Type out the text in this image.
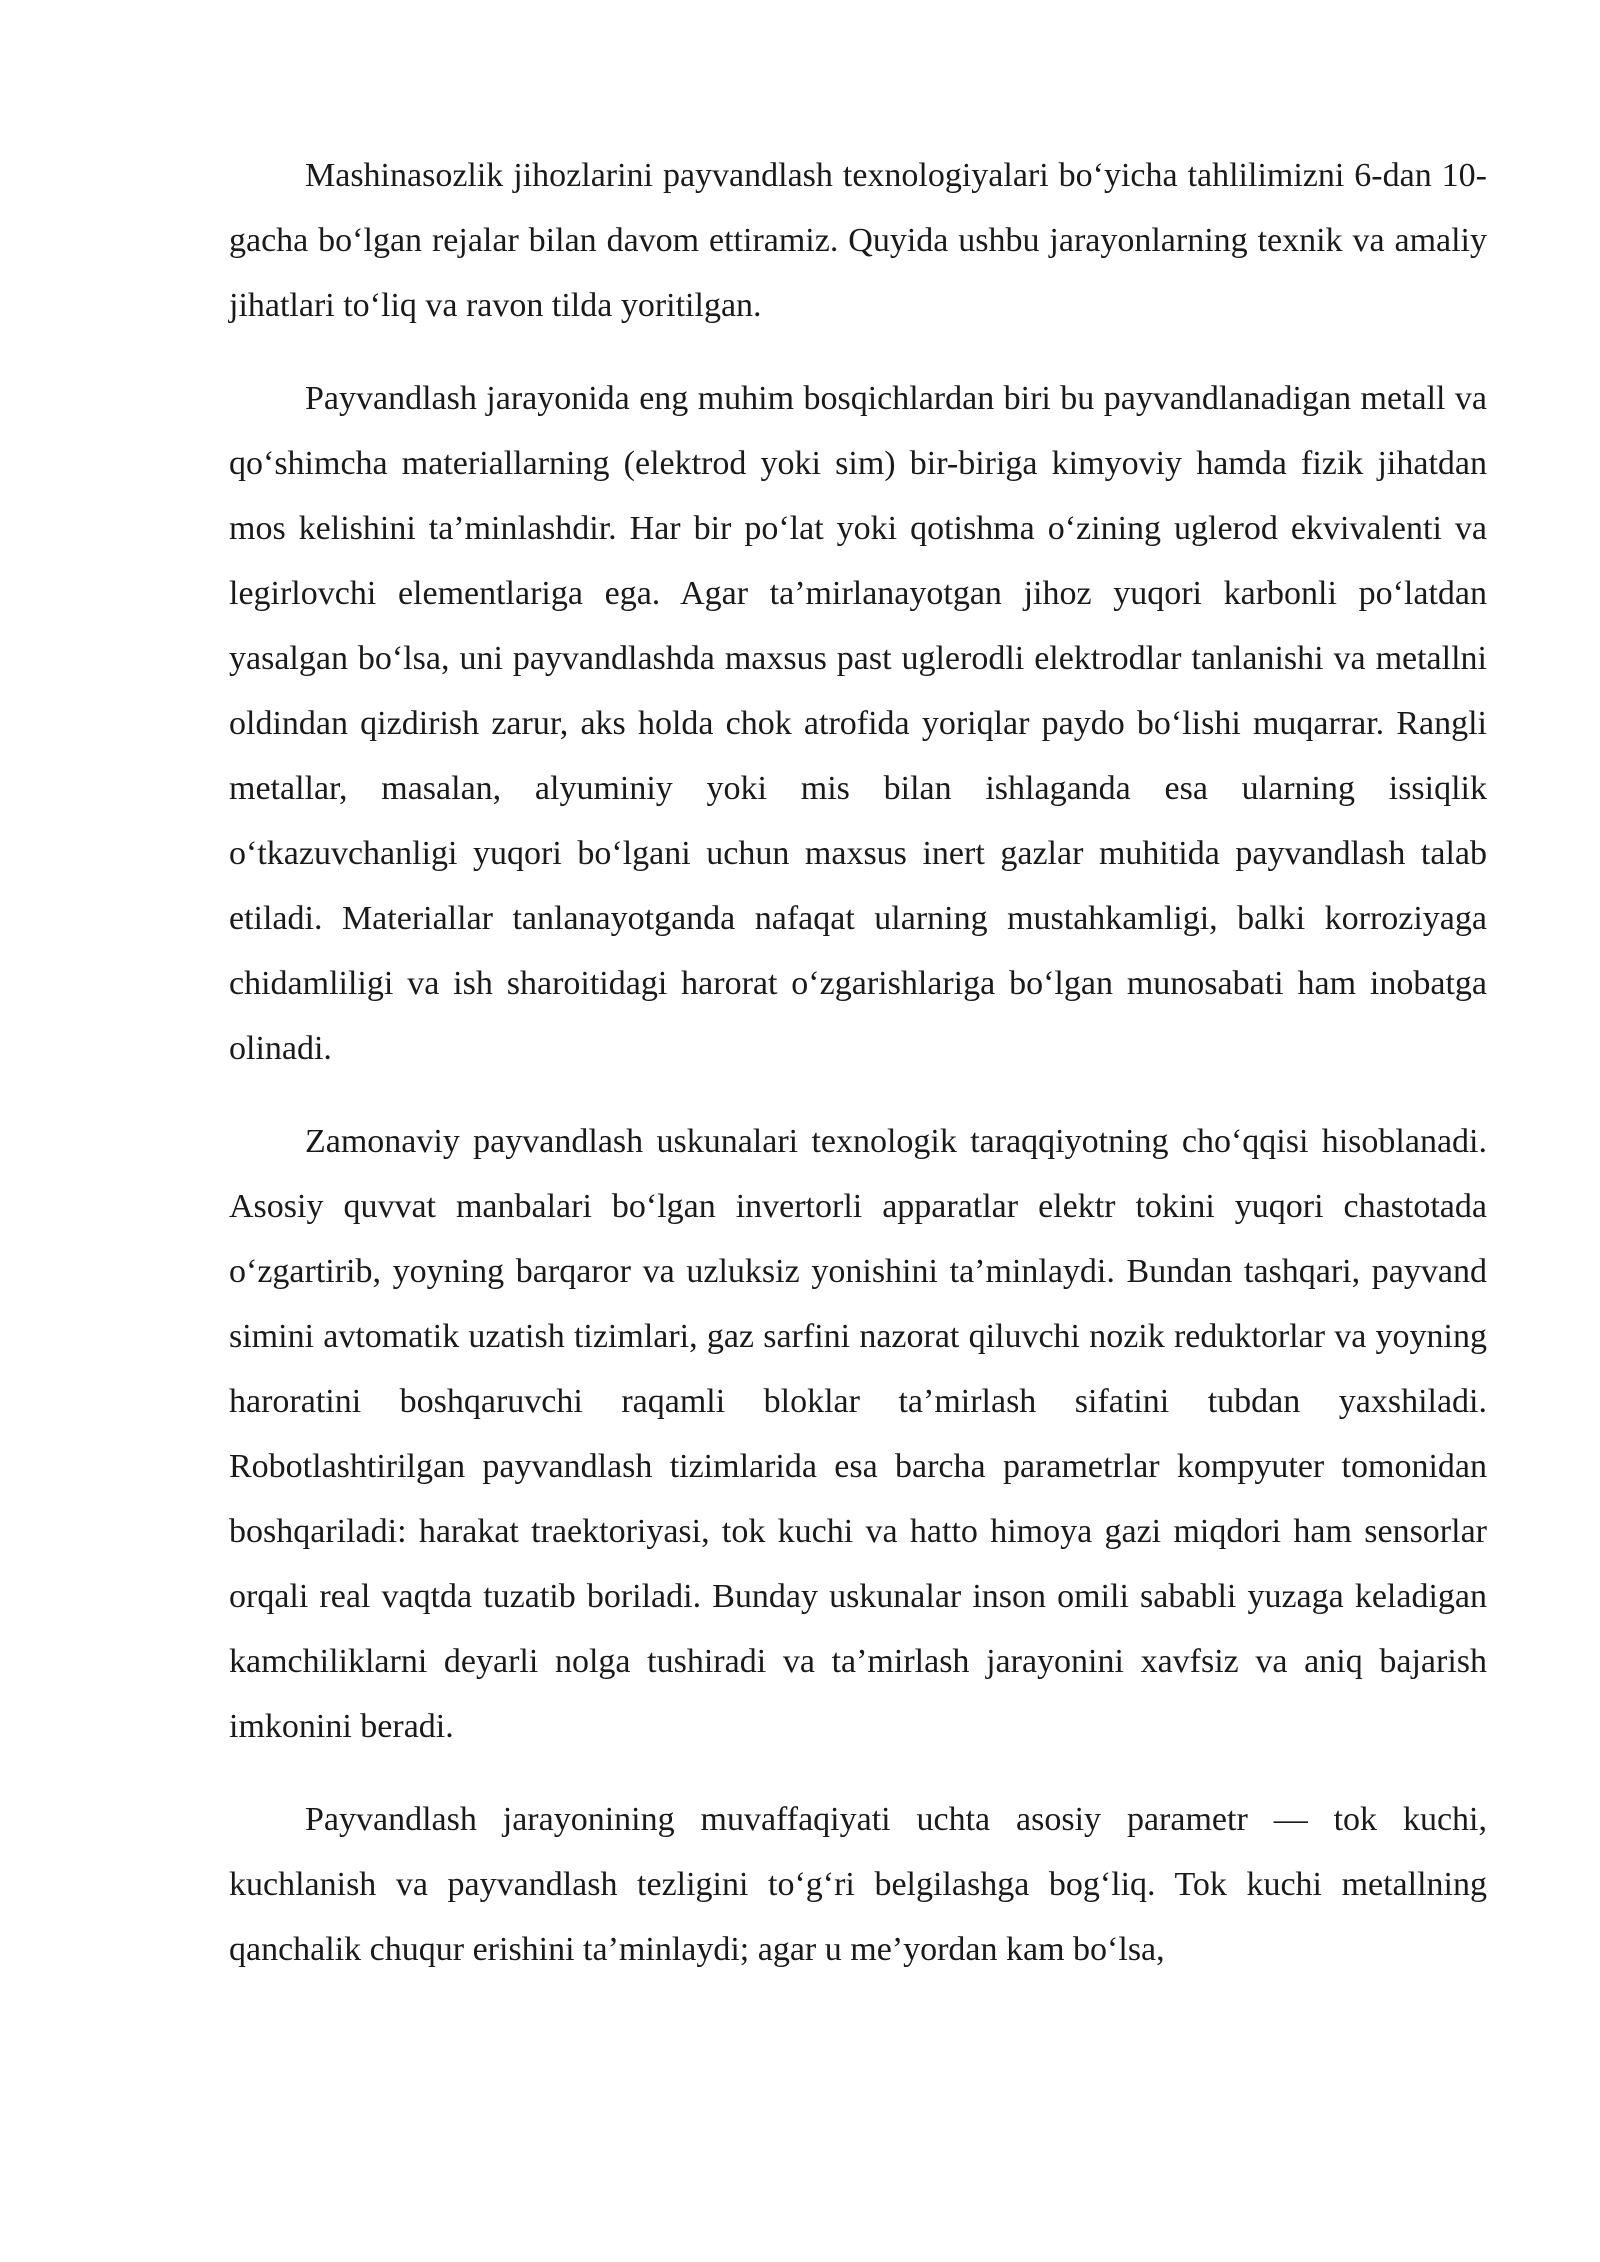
Mashinasozlik jihozlarini payvandlash texnologiyalari bo‘yicha tahlilimizni 6-dan 10-gacha bo‘lgan rejalar bilan davom ettiramiz. Quyida ushbu jarayonlarning texnik va amaliy jihatlari to‘liq va ravon tilda yoritilgan.

Payvandlash jarayonida eng muhim bosqichlardan biri bu payvandlanadigan metall va qo‘shimcha materiallarning (elektrod yoki sim) bir-biriga kimyoviy hamda fizik jihatdan mos kelishini ta’minlashdir. Har bir po‘lat yoki qotishma o‘zining uglerod ekvivalenti va legirlovchi elementlariga ega. Agar ta’mirlanayotgan jihoz yuqori karbonli po‘latdan yasalgan bo‘lsa, uni payvandlashda maxsus past uglerodli elektrodlar tanlanishi va metallni oldindan qizdirish zarur, aks holda chok atrofida yoriqlar paydo bo‘lishi muqarrar. Rangli metallar, masalan, alyuminiy yoki mis bilan ishlaganda esa ularning issiqlik o‘tkazuvchanligi yuqori bo‘lgani uchun maxsus inert gazlar muhitida payvandlash talab etiladi. Materiallar tanlanayotganda nafaqat ularning mustahkamligi, balki korroziyaga chidamliligi va ish sharoitidagi harorat o‘zgarishlariga bo‘lgan munosabati ham inobatga olinadi.

Zamonaviy payvandlash uskunalari texnologik taraqqiyotning cho‘qqisi hisoblanadi. Asosiy quvvat manbalari bo‘lgan invertorli apparatlar elektr tokini yuqori chastotada o‘zgartirib, yoyning barqaror va uzluksiz yonishini ta’minlaydi. Bundan tashqari, payvand simini avtomatik uzatish tizimlari, gaz sarfini nazorat qiluvchi nozik reduktorlar va yoyning haroratini boshqaruvchi raqamli bloklar ta’mirlash sifatini tubdan yaxshiladi. Robotlashtirilgan payvandlash tizimlarida esa barcha parametrlar kompyuter tomonidan boshqariladi: harakat traektoriyasi, tok kuchi va hatto himoya gazi miqdori ham sensorlar orqali real vaqtda tuzatib boriladi. Bunday uskunalar inson omili sababli yuzaga keladigan kamchiliklarni deyarli nolga tushiradi va ta’mirlash jarayonini xavfsiz va aniq bajarish imkonini beradi.

Payvandlash jarayonining muvaffaqiyati uchta asosiy parametr — tok kuchi, kuchlanish va payvandlash tezligini to‘g‘ri belgilashga bog‘liq. Tok kuchi metallning qanchalik chuqur erishini ta’minlaydi; agar u me’yordan kam bo‘lsa,
